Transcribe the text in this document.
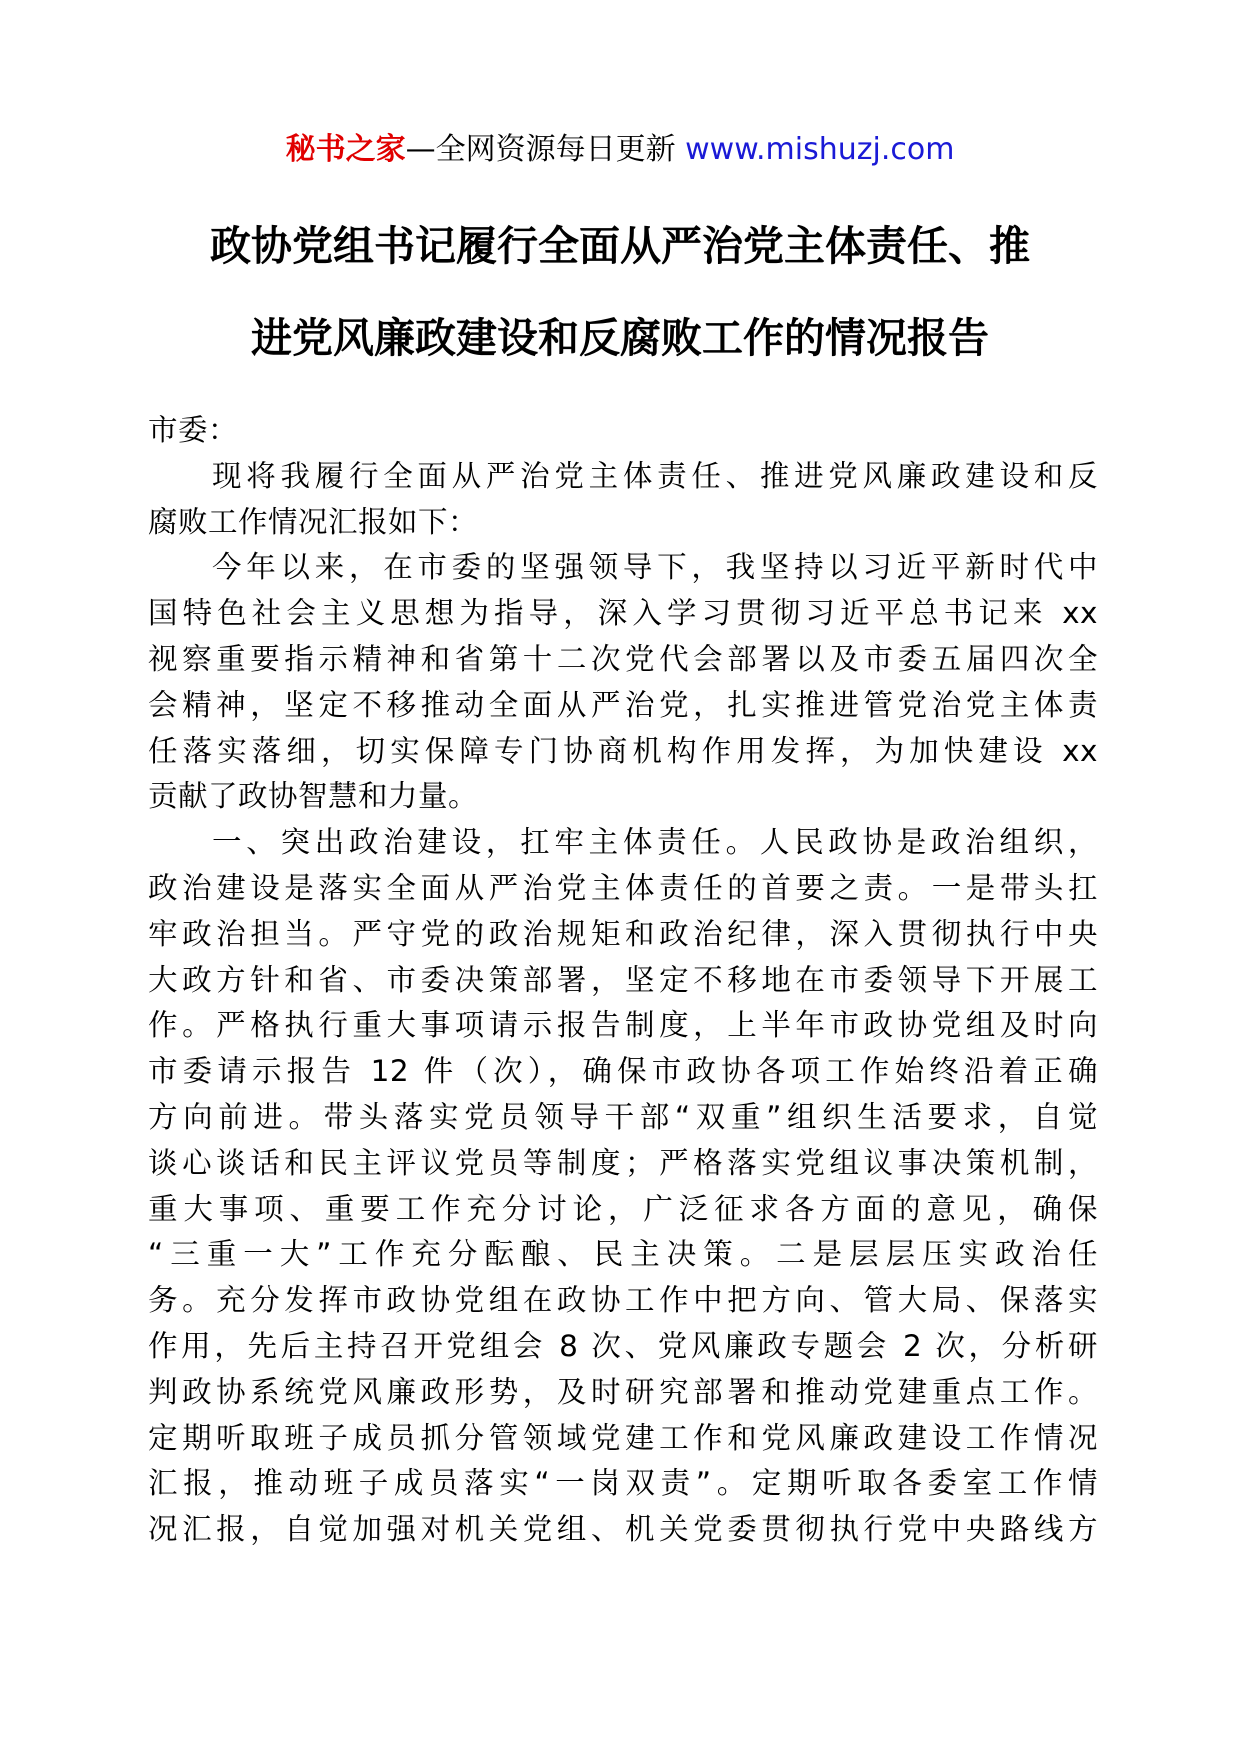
秘书之家—全网资源每日更新 www.mishuzj.com
政协党组书记履行全面从严治党主体责任、推
进党风廉政建设和反腐败工作的情况报告
市委：
现将我履行全面从严治党主体责任、推进党风廉政建设和反
腐败工作情况汇报如下：
今年以来，在市委的坚强领导下，我坚持以习近平新时代中
国特色社会主义思想为指导，深入学习贯彻习近平总书记来 xx
视察重要指示精神和省第十二次党代会部署以及市委五届四次全
会精神，坚定不移推动全面从严治党，扎实推进管党治党主体责
任落实落细，切实保障专门协商机构作用发挥，为加快建设 xx
贡献了政协智慧和力量。
一、突出政治建设，扛牢主体责任。人民政协是政治组织，
政治建设是落实全面从严治党主体责任的首要之责。一是带头扛
牢政治担当。严守党的政治规矩和政治纪律，深入贯彻执行中央
大政方针和省、市委决策部署，坚定不移地在市委领导下开展工
作。严格执行重大事项请示报告制度，上半年市政协党组及时向
市委请示报告 12 件（次），确保市政协各项工作始终沿着正确
方向前进。带头落实党员领导干部“双重”组织生活要求，自觉
谈心谈话和民主评议党员等制度；严格落实党组议事决策机制，
重大事项、重要工作充分讨论，广泛征求各方面的意见，确保
“三重一大”工作充分酝酿、民主决策。二是层层压实政治任
务。充分发挥市政协党组在政协工作中把方向、管大局、保落实
作用，先后主持召开党组会 8 次、党风廉政专题会 2 次，分析研
判政协系统党风廉政形势，及时研究部署和推动党建重点工作。
定期听取班子成员抓分管领域党建工作和党风廉政建设工作情况
汇报，推动班子成员落实“一岗双责”。定期听取各委室工作情
况汇报，自觉加强对机关党组、机关党委贯彻执行党中央路线方
